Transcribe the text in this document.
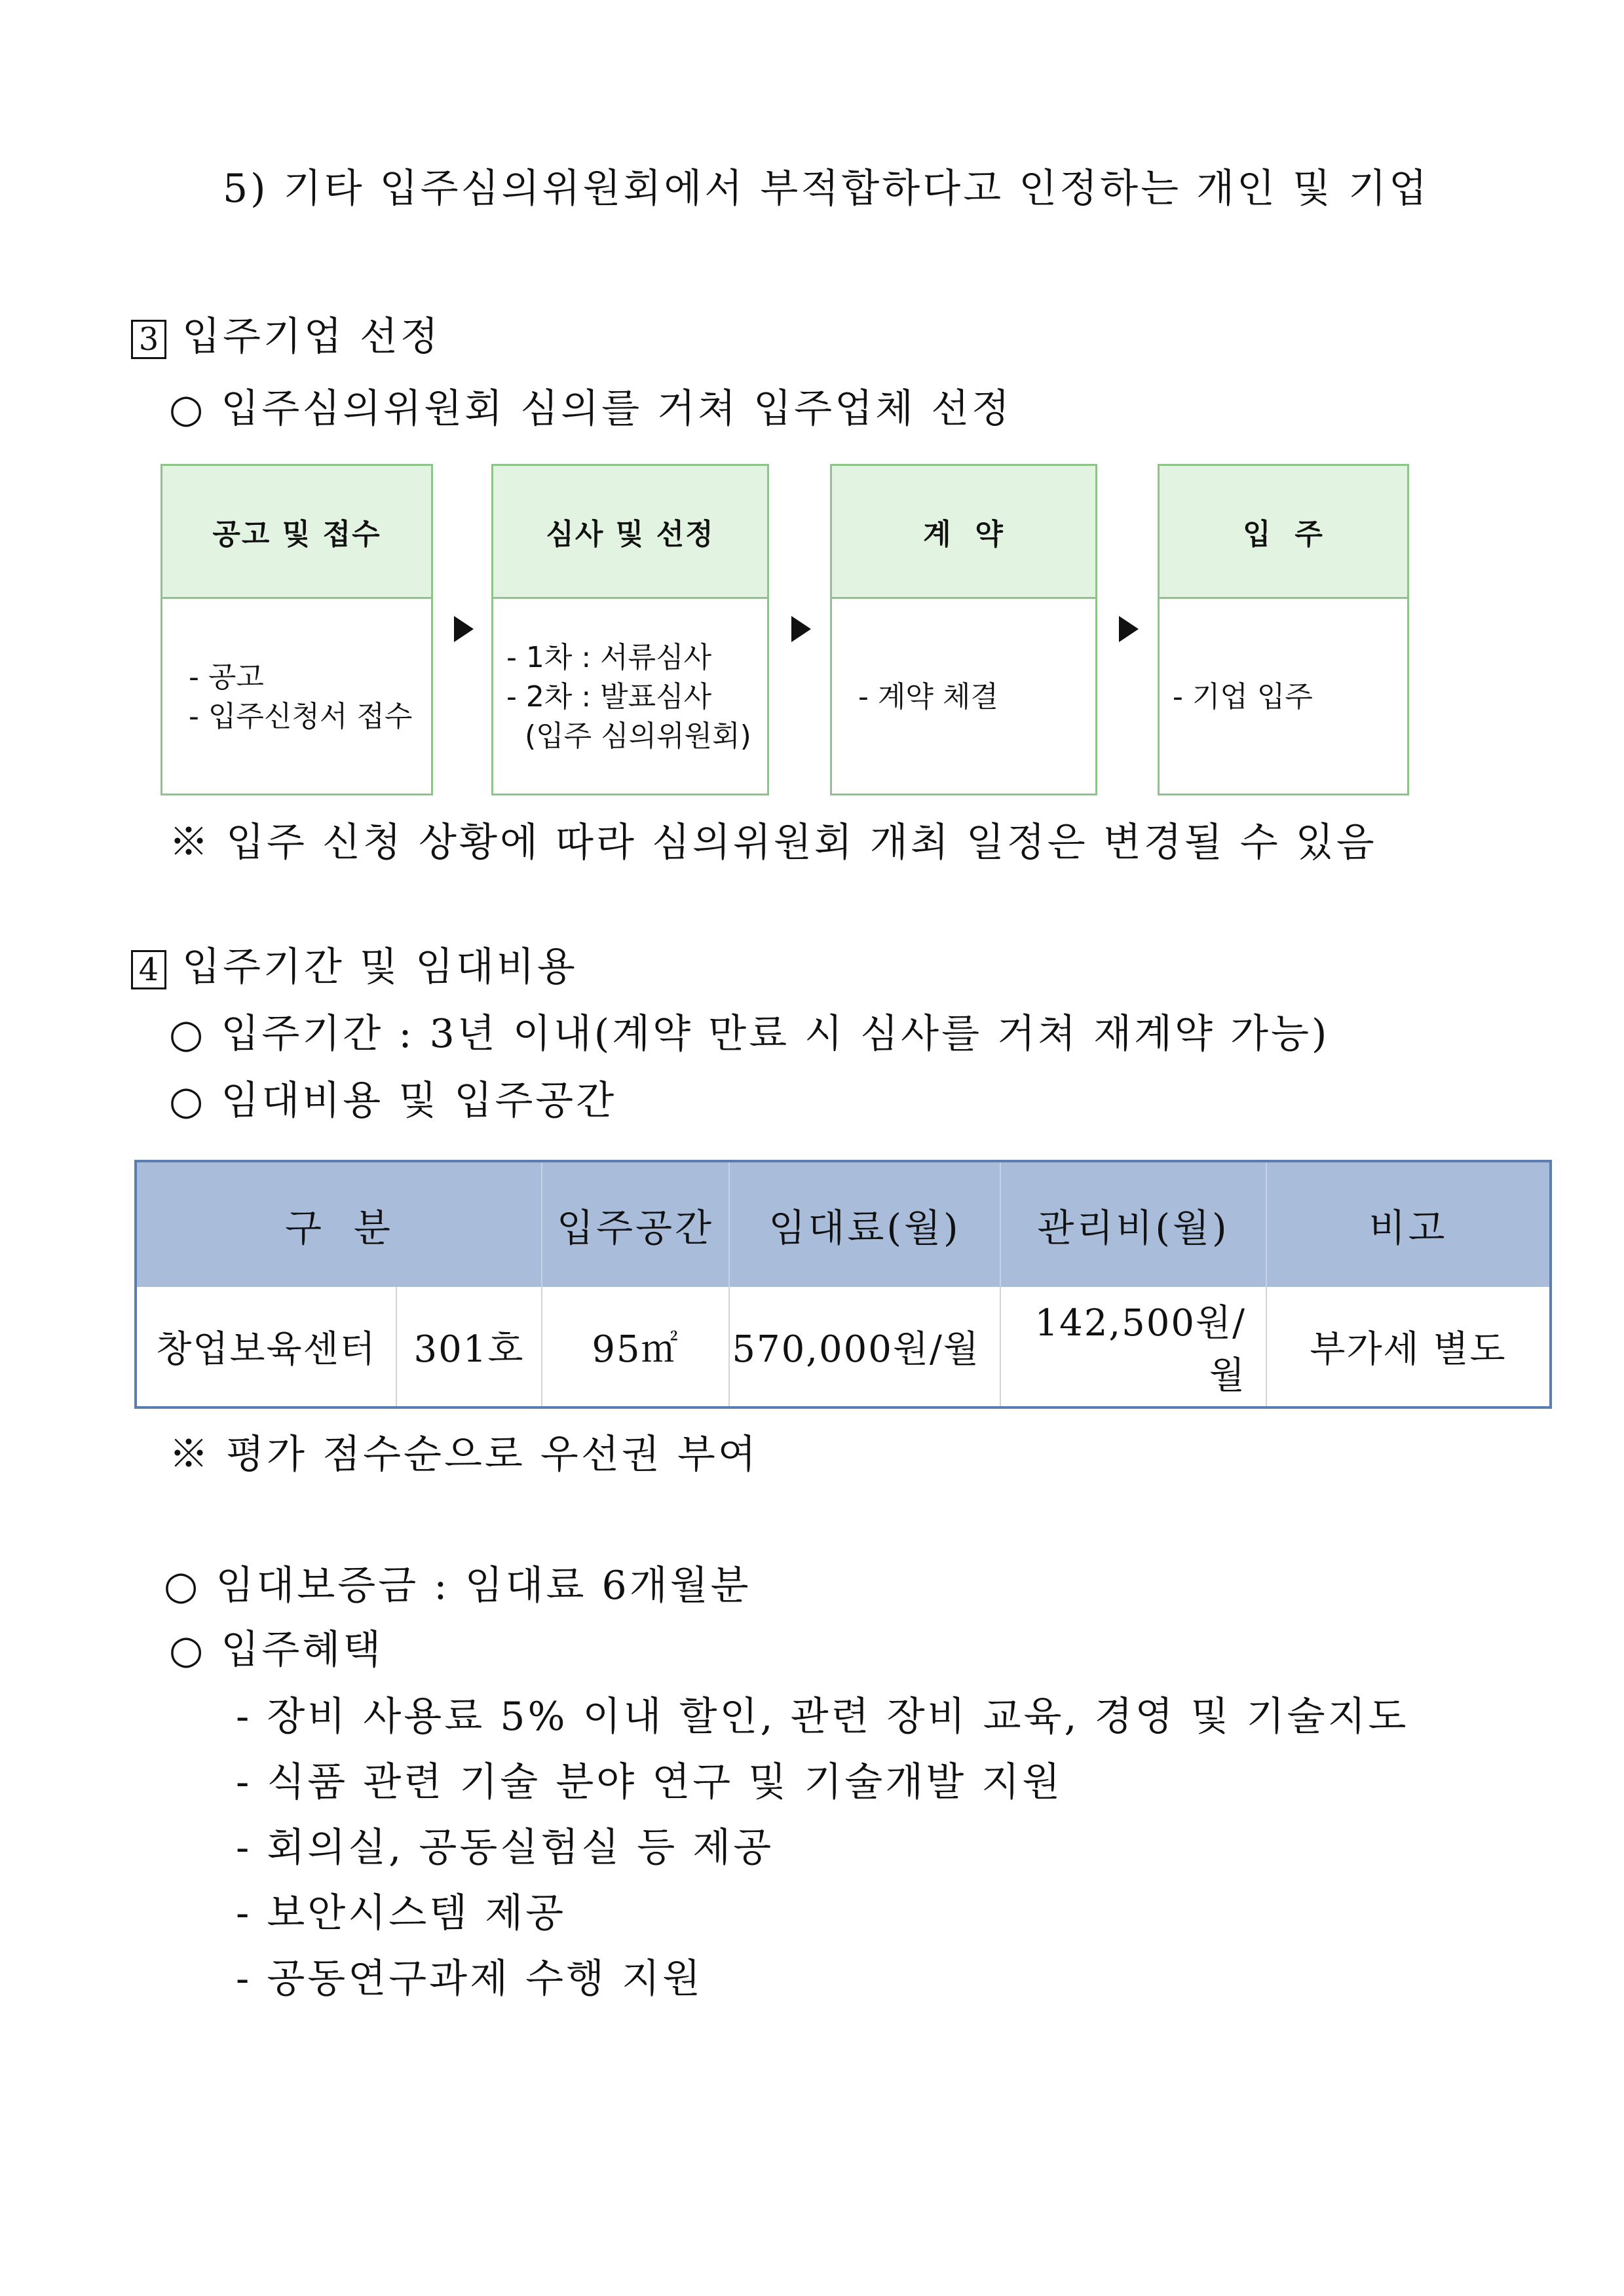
5) 기타 입주심의위원회에서 부적합하다고 인정하는 개인 및 기업
3 입주기업 선정
○ 입주심의위원회 심의를 거쳐 입주업체 선정
공고 및 접수
- 공고
- 입주신청서 접수
심사 및 선정
- 1차 : 서류심사
- 2차 : 발표심사
(입주 심의위원회)
계  약
- 계약 체결
입  주
- 기업 입주
※ 입주 신청 상황에 따라 심의위원회 개최 일정은 변경될 수 있음
4 입주기간 및 임대비용
○ 입주기간 : 3년 이내(계약 만료 시 심사를 거쳐 재계약 가능)
○ 임대비용 및 입주공간
구  분		입주공간	임대료(월)	관리비(월)	비고
창업보육센터	301호	95㎡	570,000원/월	142,500원/월	부가세 별도
※ 평가 점수순으로 우선권 부여
○ 임대보증금 : 임대료 6개월분
○ 입주혜택
- 장비 사용료 5% 이내 할인, 관련 장비 교육, 경영 및 기술지도
- 식품 관련 기술 분야 연구 및 기술개발 지원
- 회의실, 공동실험실 등 제공
- 보안시스템 제공
- 공동연구과제 수행 지원
